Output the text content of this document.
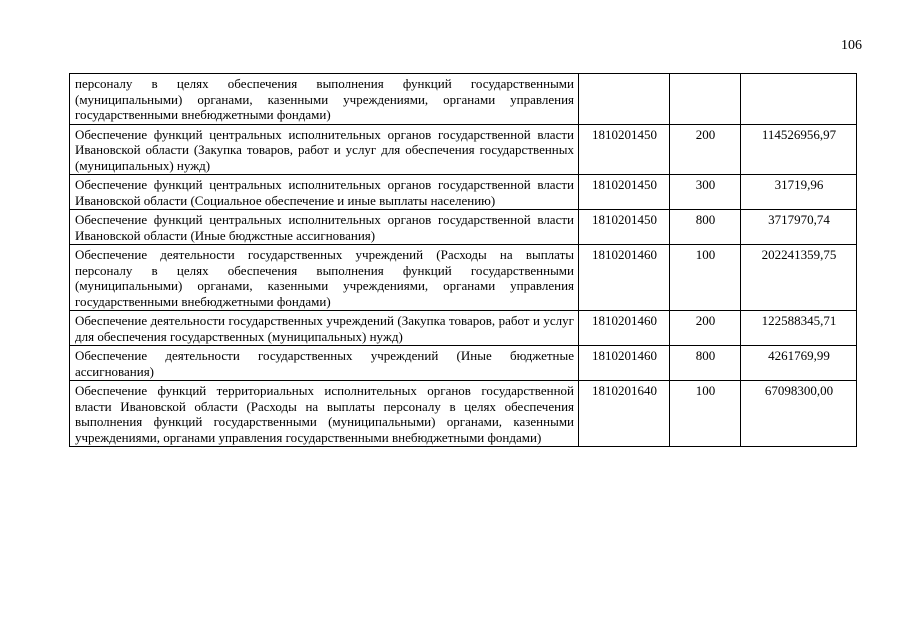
106
персоналу в целях обеспечения выполнения функций государственными (муниципальными) органами, казенными учреждениями, органами управления государственными внебюджетными фондами)			
Обеспечение функций центральных исполнительных органов государственной власти Ивановской области (Закупка товаров, работ и услуг для обеспечения государственных (муниципальных) нужд)	1810201450	200	114526956,97
Обеспечение функций центральных исполнительных органов государственной власти Ивановской области (Социальное обеспечение и иные выплаты населению)	1810201450	300	31719,96
Обеспечение функций центральных исполнительных органов государственной власти Ивановской области (Иные бюджстные ассигнования)	1810201450	800	3717970,74
Обеспечение деятельности государственных учреждений (Расходы на выплаты персоналу в целях обеспечения выполнения функций государственными (муниципальными) органами, казенными учреждениями, органами управления государственными внебюджетными фондами)	1810201460	100	202241359,75
Обеспечение деятельности государственных учреждений (Закупка товаров, работ и услуг для обеспечения государственных (муниципальных) нужд)	1810201460	200	122588345,71
Обеспечение деятельности государственных учреждений (Иные бюджетные ассигнования)	1810201460	800	4261769,99
Обеспечение функций территориальных исполнительных органов государственной власти Ивановской области (Расходы на выплаты персоналу в целях обеспечения выполнения функций государственными (муниципальными) органами, казенными учреждениями, органами управления государственными внебюджетными фондами)	1810201640	100	67098300,00
